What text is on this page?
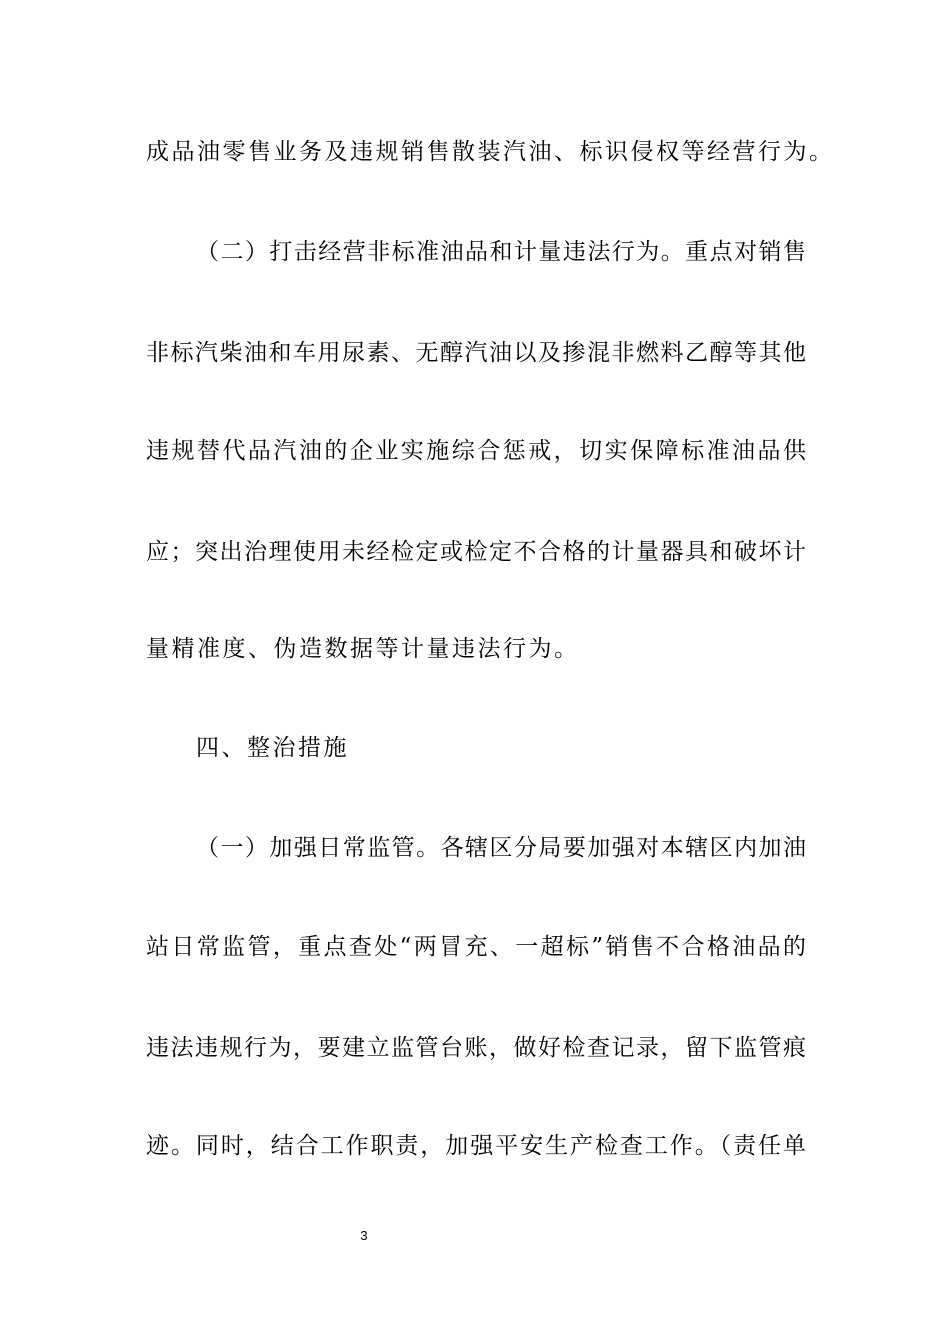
成品油零售业务及违规销售散装汽油、标识侵权等经营行为。
（二）打击经营非标准油品和计量违法行为。重点对销售
非标汽柴油和车用尿素、无醇汽油以及掺混非燃料乙醇等其他
违规替代品汽油的企业实施综合惩戒，切实保障标准油品供
应；突出治理使用未经检定或检定不合格的计量器具和破坏计
量精准度、伪造数据等计量违法行为。
四、整治措施
（一）加强日常监管。各辖区分局要加强对本辖区内加油
站日常监管，重点查处“两冒充、一超标”销售不合格油品的
违法违规行为，要建立监管台账，做好检查记录，留下监管痕
迹。同时，结合工作职责，加强平安生产检查工作。（责任单
3
